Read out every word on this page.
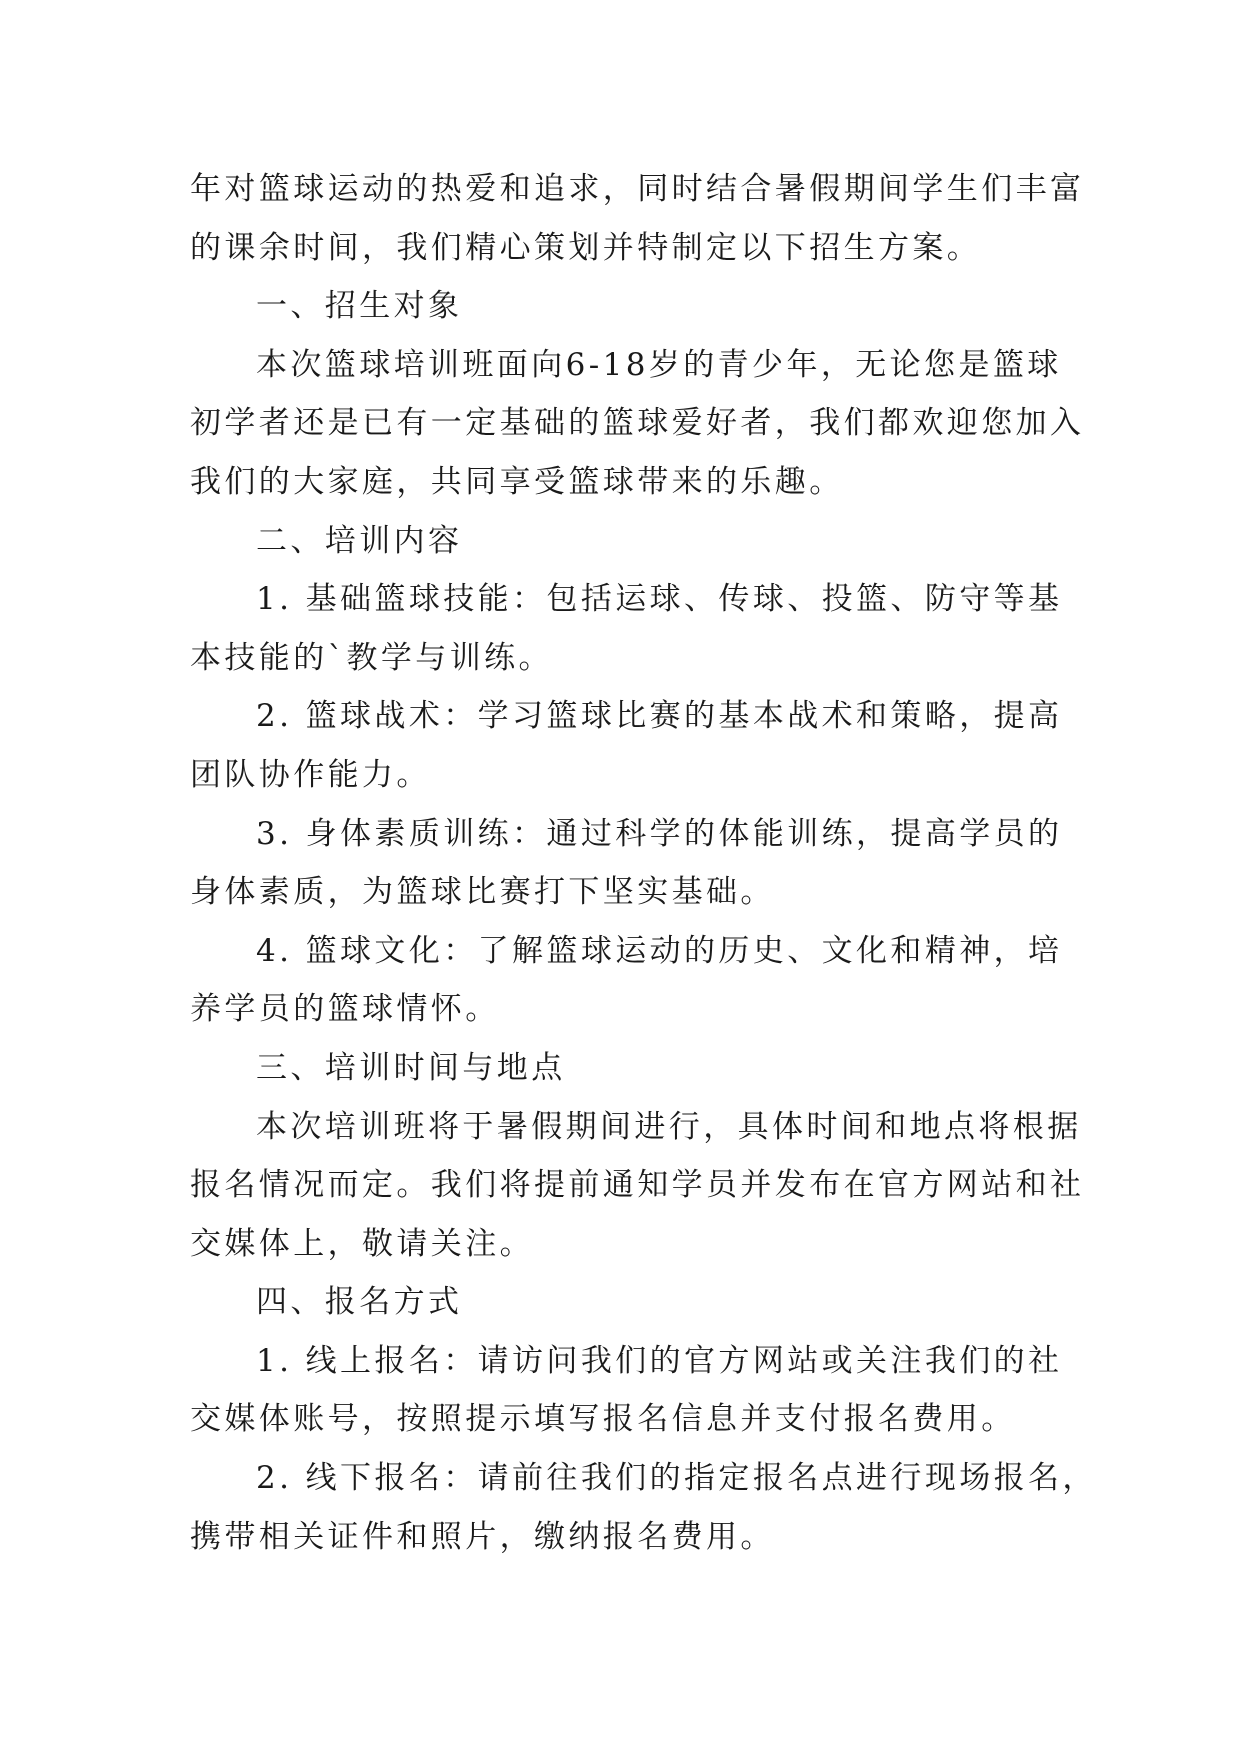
年对篮球运动的热爱和追求，同时结合暑假期间学生们丰富
的课余时间，我们精心策划并特制定以下招生方案。
一、招生对象
本次篮球培训班面向6-18岁的青少年，无论您是篮球
初学者还是已有一定基础的篮球爱好者，我们都欢迎您加入
我们的大家庭，共同享受篮球带来的乐趣。
二、培训内容
1. 基础篮球技能：包括运球、传球、投篮、防守等基
本技能的`教学与训练。
2. 篮球战术：学习篮球比赛的基本战术和策略，提高
团队协作能力。
3. 身体素质训练：通过科学的体能训练，提高学员的
身体素质，为篮球比赛打下坚实基础。
4. 篮球文化：了解篮球运动的历史、文化和精神，培
养学员的篮球情怀。
三、培训时间与地点
本次培训班将于暑假期间进行，具体时间和地点将根据
报名情况而定。我们将提前通知学员并发布在官方网站和社
交媒体上，敬请关注。
四、报名方式
1. 线上报名：请访问我们的官方网站或关注我们的社
交媒体账号，按照提示填写报名信息并支付报名费用。
2. 线下报名：请前往我们的指定报名点进行现场报名，
携带相关证件和照片，缴纳报名费用。
